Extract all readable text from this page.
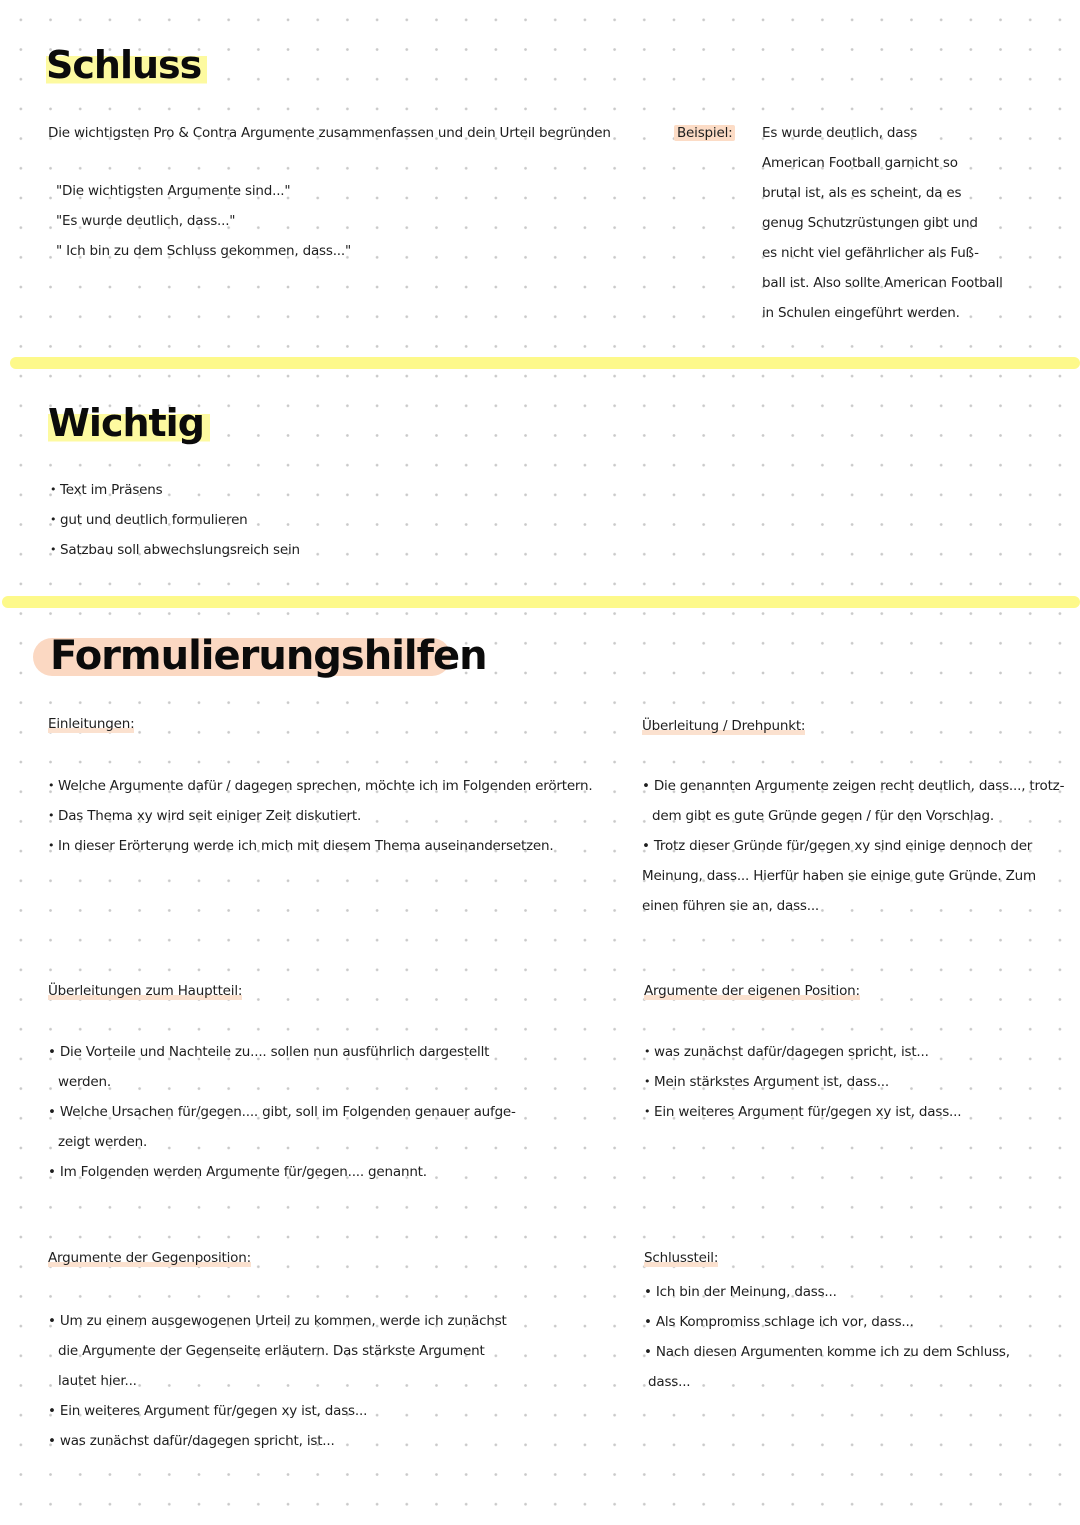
Schluss
Die wichtigsten Pro & Contra Argumente zusammenfassen und dein Urteil begründen
"Die wichtigsten Argumente sind..."
"Es wurde deutlich, dass..."
" Ich bin zu dem Schluss gekommen, dass..."
Beispiel: Es wurde deutlich, dass
American Football garnicht so
brutal ist, als es scheint, da es
genug Schutzrüstungen gibt und
es nicht viel gefährlicher als Fuß-
ball ist. Also sollte American Football
in Schulen eingeführt werden.
Wichtig
• Text im Präsens
• gut und deutlich formulieren
• Satzbau soll abwechslungsreich sein
Formulierungshilfen
Einleitungen:
• Welche Argumente dafür / dagegen sprechen, möchte ich im Folgenden erörtern.
• Das Thema xy wird seit einiger Zeit diskutiert.
• In dieser Erörterung werde ich mich mit diesem Thema auseinandersetzen.
Überleitung / Drehpunkt:
• Die genannten Argumente zeigen recht deutlich, dass..., trotz-
dem gibt es gute Gründe gegen / für den Vorschlag.
• Trotz dieser Gründe für/gegen xy sind einige dennoch der
Meinung, dass... Hierfür haben sie einige gute Gründe. Zum
einen führen sie an, dass...
Überleitungen zum Hauptteil:
• Die Vorteile und Nachteile zu.... sollen nun ausführlich dargestellt
werden.
• Welche Ursachen für/gegen.... gibt, soll im Folgenden genauer aufge-
zeigt werden.
• Im Folgenden werden Argumente für/gegen.... genannt.
Argumente der eigenen Position:
• was zunächst dafür/dagegen spricht, ist...
• Mein stärkstes Argument ist, dass...
• Ein weiteres Argument für/gegen xy ist, dass...
Argumente der Gegenposition:
• Um zu einem ausgewogenen Urteil zu kommen, werde ich zunächst
die Argumente der Gegenseite erläutern. Das stärkste Argument
lautet hier...
• Ein weiteres Argument für/gegen xy ist, dass...
• was zunächst dafür/dagegen spricht, ist...
Schlussteil:
• Ich bin der Meinung, dass...
• Als Kompromiss schlage ich vor, dass...
• Nach diesen Argumenten komme ich zu dem Schluss,
dass...
